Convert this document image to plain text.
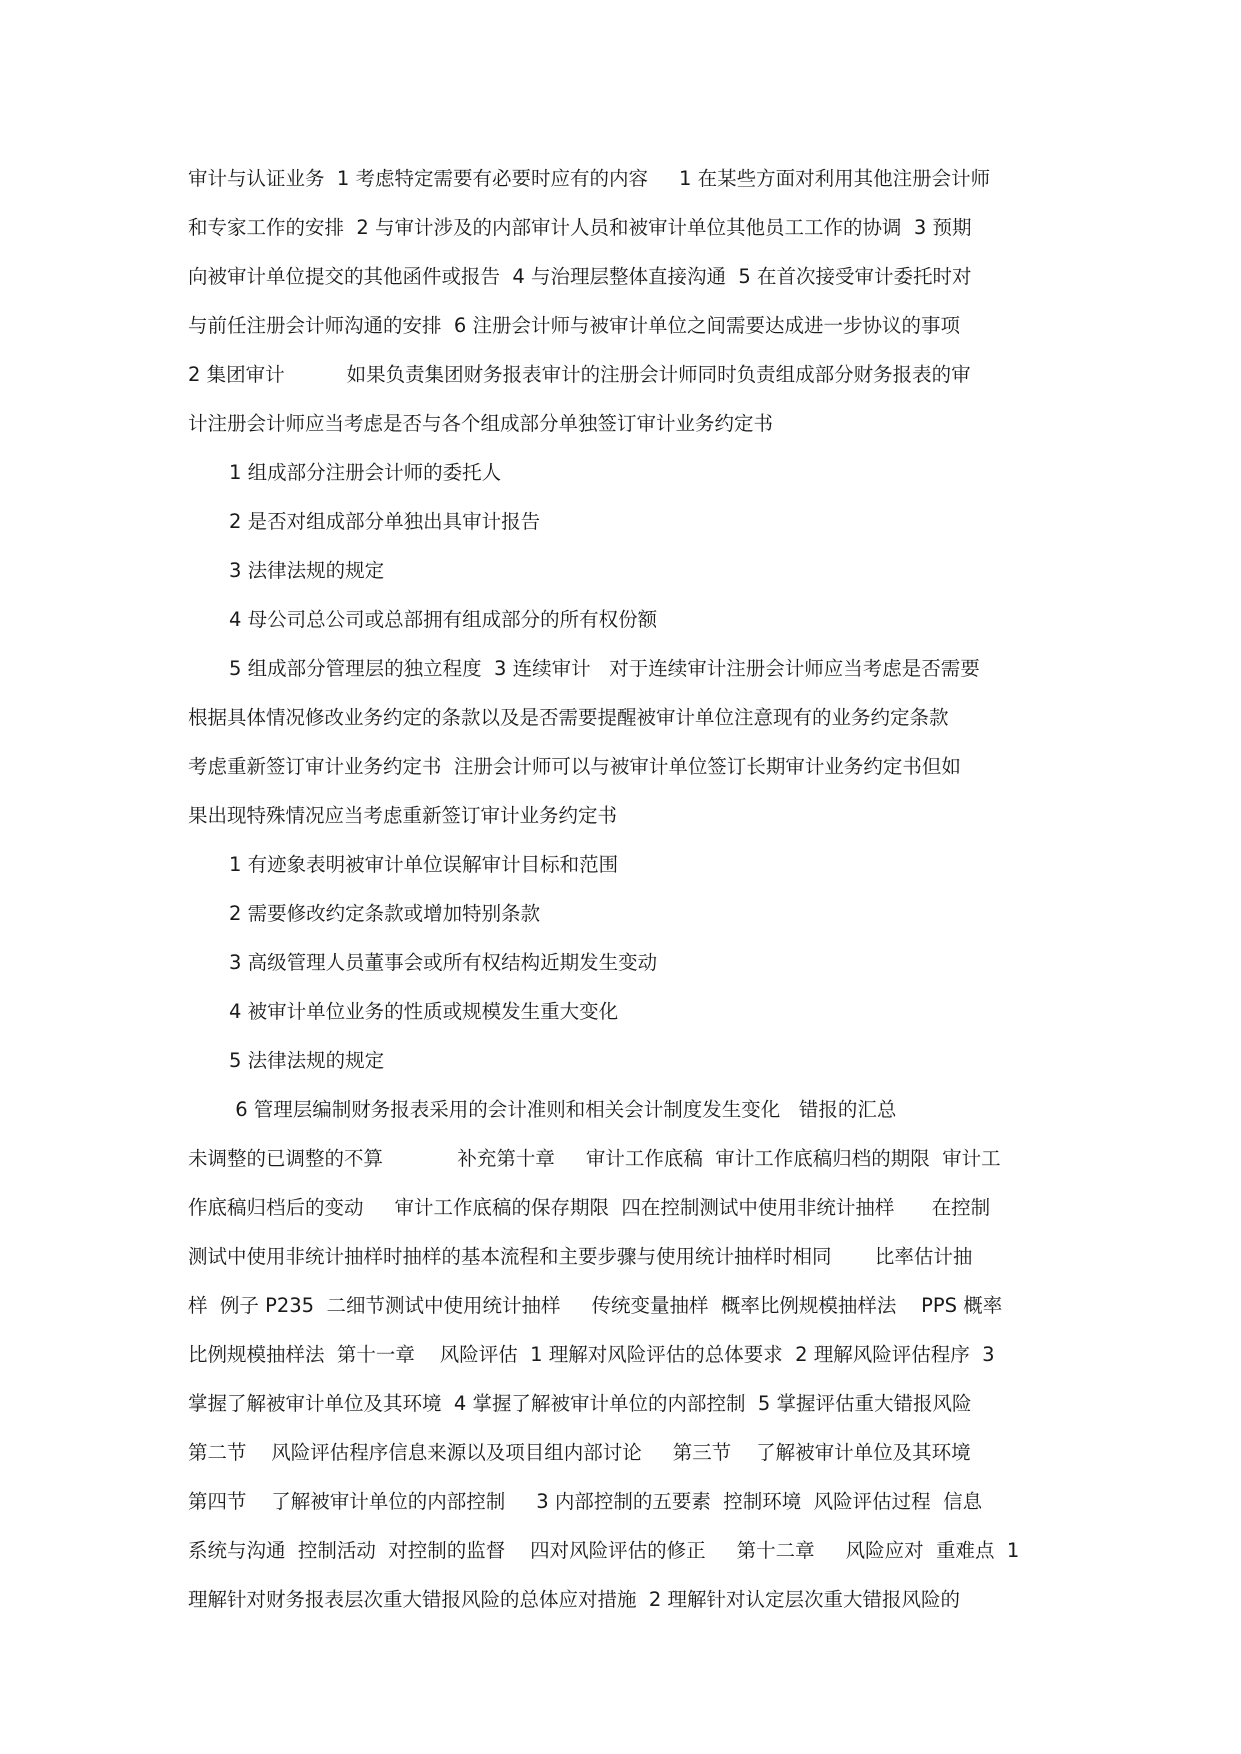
审计与认证业务  1 考虑特定需要有必要时应有的内容     1 在某些方面对利用其他注册会计师
和专家工作的安排  2 与审计涉及的内部审计人员和被审计单位其他员工工作的协调  3 预期
向被审计单位提交的其他函件或报告  4 与治理层整体直接沟通  5 在首次接受审计委托时对
与前任注册会计师沟通的安排  6 注册会计师与被审计单位之间需要达成进一步协议的事项
2 集团审计          如果负责集团财务报表审计的注册会计师同时负责组成部分财务报表的审
计注册会计师应当考虑是否与各个组成部分单独签订审计业务约定书
1 组成部分注册会计师的委托人
2 是否对组成部分单独出具审计报告
3 法律法规的规定
4 母公司总公司或总部拥有组成部分的所有权份额
5 组成部分管理层的独立程度  3 连续审计   对于连续审计注册会计师应当考虑是否需要
根据具体情况修改业务约定的条款以及是否需要提醒被审计单位注意现有的业务约定条款
考虑重新签订审计业务约定书  注册会计师可以与被审计单位签订长期审计业务约定书但如
果出现特殊情况应当考虑重新签订审计业务约定书
1 有迹象表明被审计单位误解审计目标和范围
2 需要修改约定条款或增加特别条款
3 高级管理人员董事会或所有权结构近期发生变动
4 被审计单位业务的性质或规模发生重大变化
5 法律法规的规定
6 管理层编制财务报表采用的会计准则和相关会计制度发生变化   错报的汇总
未调整的已调整的不算            补充第十章     审计工作底稿  审计工作底稿归档的期限  审计工
作底稿归档后的变动     审计工作底稿的保存期限  四在控制测试中使用非统计抽样      在控制
测试中使用非统计抽样时抽样的基本流程和主要步骤与使用统计抽样时相同       比率估计抽
样  例子 P235  二细节测试中使用统计抽样     传统变量抽样  概率比例规模抽样法    PPS 概率
比例规模抽样法  第十一章    风险评估  1 理解对风险评估的总体要求  2 理解风险评估程序  3
掌握了解被审计单位及其环境  4 掌握了解被审计单位的内部控制  5 掌握评估重大错报风险
第二节    风险评估程序信息来源以及项目组内部讨论     第三节    了解被审计单位及其环境
第四节    了解被审计单位的内部控制     3 内部控制的五要素  控制环境  风险评估过程  信息
系统与沟通  控制活动  对控制的监督    四对风险评估的修正     第十二章     风险应对  重难点  1
理解针对财务报表层次重大错报风险的总体应对措施  2 理解针对认定层次重大错报风险的
